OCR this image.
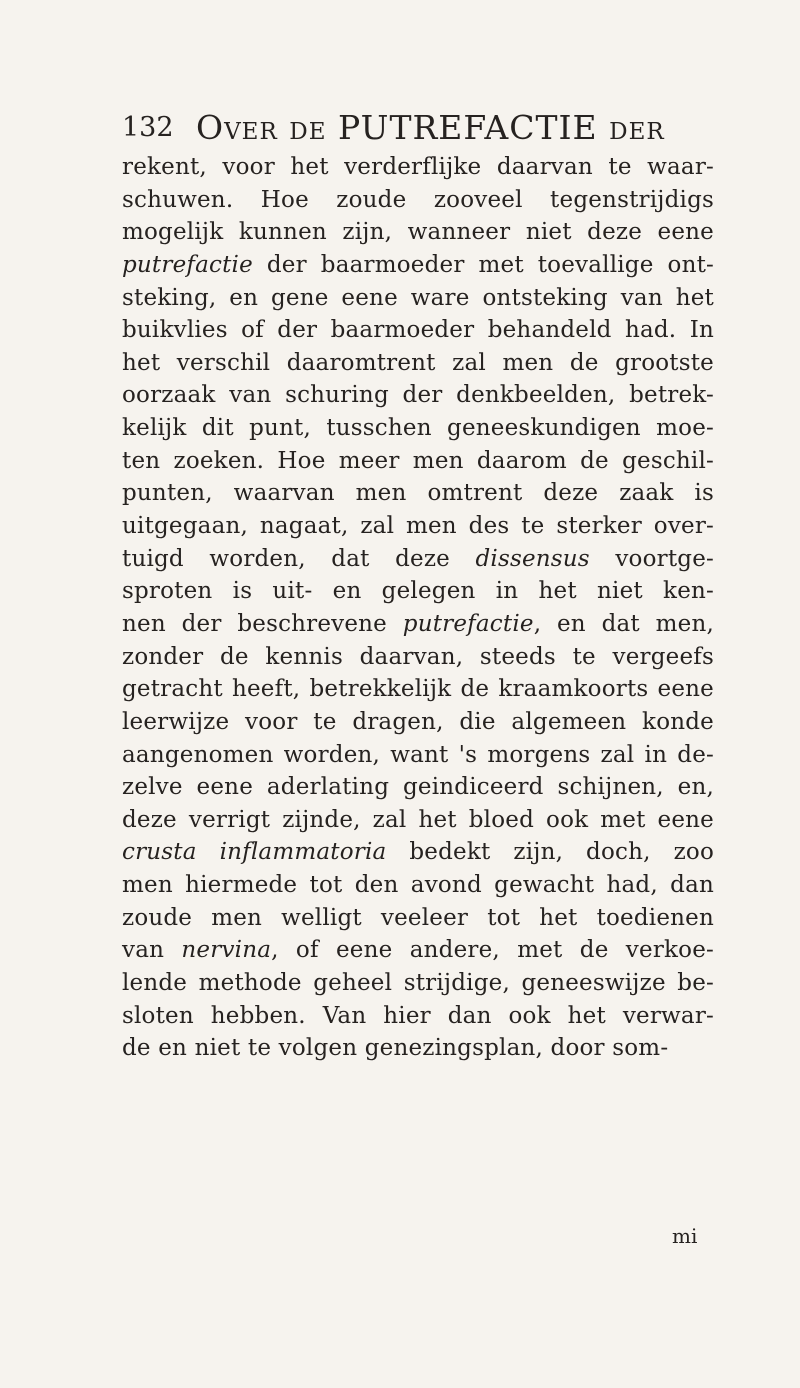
132 OVER DE PUTREFACTIE DER
rekent, voor het verderflijke daarvan te waar-
schuwen. Hoe zoude zooveel tegenstrijdigs
mogelijk kunnen zijn, wanneer niet deze eene
putrefactie der baarmoeder met toevallige ont-
steking, en gene eene ware ontsteking van het
buikvlies of der baarmoeder behandeld had. In
het verschil daaromtrent zal men de grootste
oorzaak van schuring der denkbeelden, betrek-
kelijk dit punt, tusschen geneeskundigen moe-
ten zoeken. Hoe meer men daarom de geschil-
punten, waarvan men omtrent deze zaak is
uitgegaan, nagaat, zal men des te sterker over-
tuigd worden, dat deze dissensus voortge-
sproten is uit- en gelegen in het niet ken-
nen der beschrevene putrefactie, en dat men,
zonder de kennis daarvan, steeds te vergeefs
getracht heeft, betrekkelijk de kraamkoorts eene
leerwijze voor te dragen, die algemeen konde
aangenomen worden, want 's morgens zal in de-
zelve eene aderlating geindiceerd schijnen, en,
deze verrigt zijnde, zal het bloed ook met eene
crusta inflammatoria bedekt zijn, doch, zoo
men hiermede tot den avond gewacht had, dan
zoude men welligt veeleer tot het toedienen
van nervina, of eene andere, met de verkoe-
lende methode geheel strijdige, geneeswijze be-
sloten hebben. Van hier dan ook het verwar-
de en niet te volgen genezingsplan, door som-
mi
